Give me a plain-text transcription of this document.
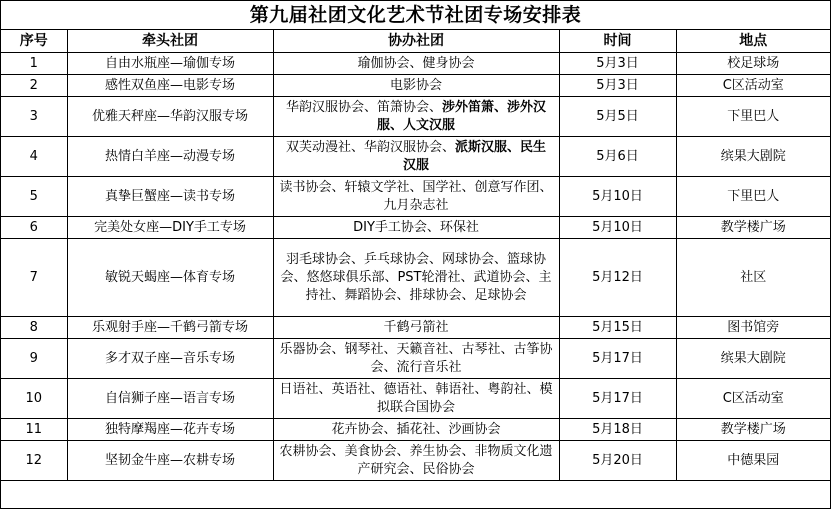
第九届社团文化艺术节社团专场安排表
序号	牵头社团	协办社团	时间	地点
1	自由水瓶座—瑜伽专场	瑜伽协会、健身协会	5月3日	校足球场
2	感性双鱼座—电影专场	电影协会	5月3日	C区活动室
3	优雅天秤座—华韵汉服专场	华韵汉服协会、笛箫协会、涉外笛箫、涉外汉服、人文汉服	5月5日	下里巴人
4	热情白羊座—动漫专场	双芙动漫社、华韵汉服协会、派斯汉服、民生汉服	5月6日	缤果大剧院
5	真挚巨蟹座—读书专场	读书协会、轩辕文学社、国学社、创意写作团、九月杂志社	5月10日	下里巴人
6	完美处女座—DIY手工专场	DIY手工协会、环保社	5月10日	教学楼广场
7	敏锐天蝎座—体育专场	羽毛球协会、乒乓球协会、网球协会、篮球协会、悠悠球俱乐部、PST轮滑社、武道协会、主持社、舞蹈协会、排球协会、足球协会	5月12日	社区
8	乐观射手座—千鹤弓箭专场	千鹤弓箭社	5月15日	图书馆旁
9	多才双子座—音乐专场	乐器协会、钢琴社、天籁音社、古琴社、古筝协会、流行音乐社	5月17日	缤果大剧院
10	自信狮子座—语言专场	日语社、英语社、德语社、韩语社、粤韵社、模拟联合国协会	5月17日	C区活动室
11	独特摩羯座—花卉专场	花卉协会、插花社、沙画协会	5月18日	教学楼广场
12	坚韧金牛座—农耕专场	农耕协会、美食协会、养生协会、非物质文化遗产研究会、民俗协会	5月20日	中德果园
